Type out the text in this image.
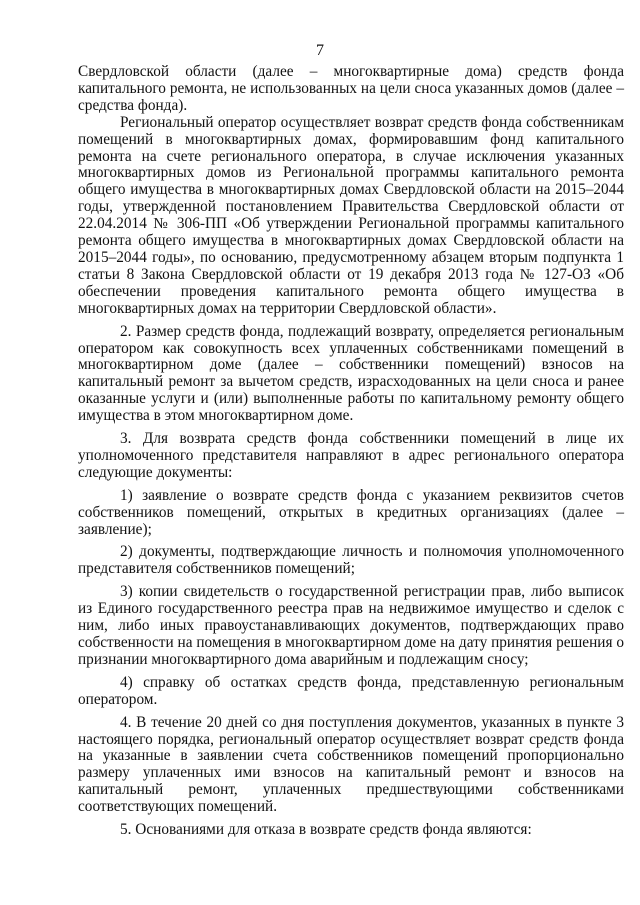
7

Свердловской области (далее – многоквартирные дома) средств фонда капитального ремонта, не использованных на цели сноса указанных домов (далее – средства фонда).

Региональный оператор осуществляет возврат средств фонда собственникам помещений в многоквартирных домах, формировавшим фонд капитального ремонта на счете регионального оператора, в случае исключения указанных многоквартирных домов из Региональной программы капитального ремонта общего имущества в многоквартирных домах Свердловской области на 2015–2044 годы, утвержденной постановлением Правительства Свердловской области от 22.04.2014 № 306-ПП «Об утверждении Региональной программы капитального ремонта общего имущества в многоквартирных домах Свердловской области на 2015–2044 годы», по основанию, предусмотренному абзацем вторым подпункта 1 статьи 8 Закона Свердловской области от 19 декабря 2013 года № 127-ОЗ «Об обеспечении проведения капитального ремонта общего имущества в многоквартирных домах на территории Свердловской области».

2. Размер средств фонда, подлежащий возврату, определяется региональным оператором как совокупность всех уплаченных собственниками помещений в многоквартирном доме (далее – собственники помещений) взносов на капитальный ремонт за вычетом средств, израсходованных на цели сноса и ранее оказанные услуги и (или) выполненные работы по капитальному ремонту общего имущества в этом многоквартирном доме.

3. Для возврата средств фонда собственники помещений в лице их уполномоченного представителя направляют в адрес регионального оператора следующие документы:

1) заявление о возврате средств фонда с указанием реквизитов счетов собственников помещений, открытых в кредитных организациях (далее – заявление);

2) документы, подтверждающие личность и полномочия уполномоченного представителя собственников помещений;

3) копии свидетельств о государственной регистрации прав, либо выписок из Единого государственного реестра прав на недвижимое имущество и сделок с ним, либо иных правоустанавливающих документов, подтверждающих право собственности на помещения в многоквартирном доме на дату принятия решения о признании многоквартирного дома аварийным и подлежащим сносу;

4) справку об остатках средств фонда, представленную региональным оператором.

4. В течение 20 дней со дня поступления документов, указанных в пункте 3 настоящего порядка, региональный оператор осуществляет возврат средств фонда на указанные в заявлении счета собственников помещений пропорционально размеру уплаченных ими взносов на капитальный ремонт и взносов на капитальный ремонт, уплаченных предшествующими собственниками соответствующих помещений.

5. Основаниями для отказа в возврате средств фонда являются:
